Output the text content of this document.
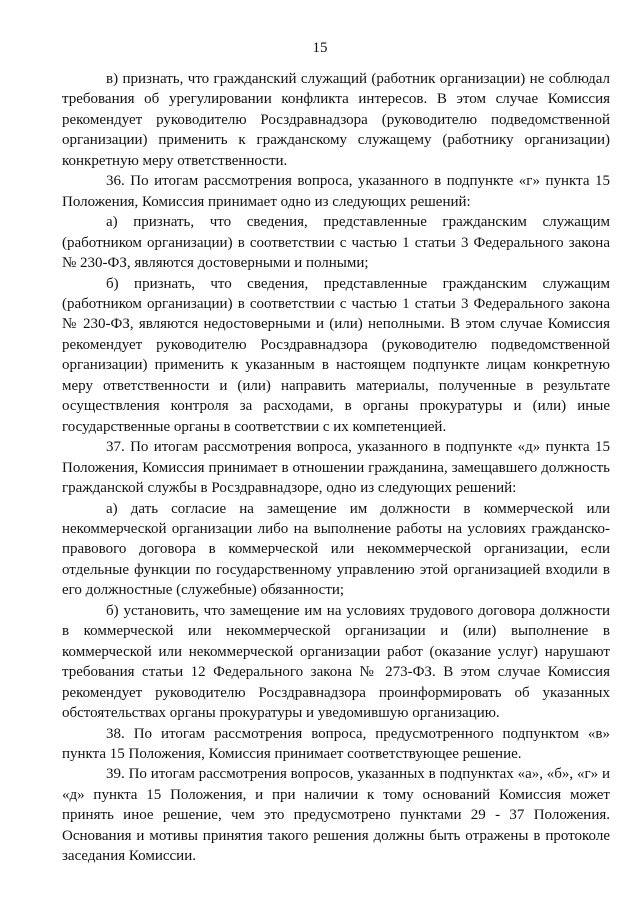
15

в) признать, что гражданский служащий (работник организации) не соблюдал требования об урегулировании конфликта интересов. В этом случае Комиссия рекомендует руководителю Росздравнадзора (руководителю подведомственной организации) применить к гражданскому служащему (работнику организации) конкретную меру ответственности.

36. По итогам рассмотрения вопроса, указанного в подпункте «г» пункта 15 Положения, Комиссия принимает одно из следующих решений:

а) признать, что сведения, представленные гражданским служащим (работником организации) в соответствии с частью 1 статьи 3 Федерального закона № 230-ФЗ, являются достоверными и полными;

б) признать, что сведения, представленные гражданским служащим (работником организации) в соответствии с частью 1 статьи 3 Федерального закона № 230-ФЗ, являются недостоверными и (или) неполными. В этом случае Комиссия рекомендует руководителю Росздравнадзора (руководителю подведомственной организации) применить к указанным в настоящем подпункте лицам конкретную меру ответственности и (или) направить материалы, полученные в результате осуществления контроля за расходами, в органы прокуратуры и (или) иные государственные органы в соответствии с их компетенцией.

37. По итогам рассмотрения вопроса, указанного в подпункте «д» пункта 15 Положения, Комиссия принимает в отношении гражданина, замещавшего должность гражданской службы в Росздравнадзоре, одно из следующих решений:

а) дать согласие на замещение им должности в коммерческой или некоммерческой организации либо на выполнение работы на условиях гражданско-правового договора в коммерческой или некоммерческой организации, если отдельные функции по государственному управлению этой организацией входили в его должностные (служебные) обязанности;

б) установить, что замещение им на условиях трудового договора должности в коммерческой или некоммерческой организации и (или) выполнение в коммерческой или некоммерческой организации работ (оказание услуг) нарушают требования статьи 12 Федерального закона № 273-ФЗ. В этом случае Комиссия рекомендует руководителю Росздравнадзора проинформировать об указанных обстоятельствах органы прокуратуры и уведомившую организацию.

38. По итогам рассмотрения вопроса, предусмотренного подпунктом «в» пункта 15 Положения, Комиссия принимает соответствующее решение.

39. По итогам рассмотрения вопросов, указанных в подпунктах «а», «б», «г» и «д» пункта 15 Положения, и при наличии к тому оснований Комиссия может принять иное решение, чем это предусмотрено пунктами 29 - 37 Положения. Основания и мотивы принятия такого решения должны быть отражены в протоколе заседания Комиссии.
